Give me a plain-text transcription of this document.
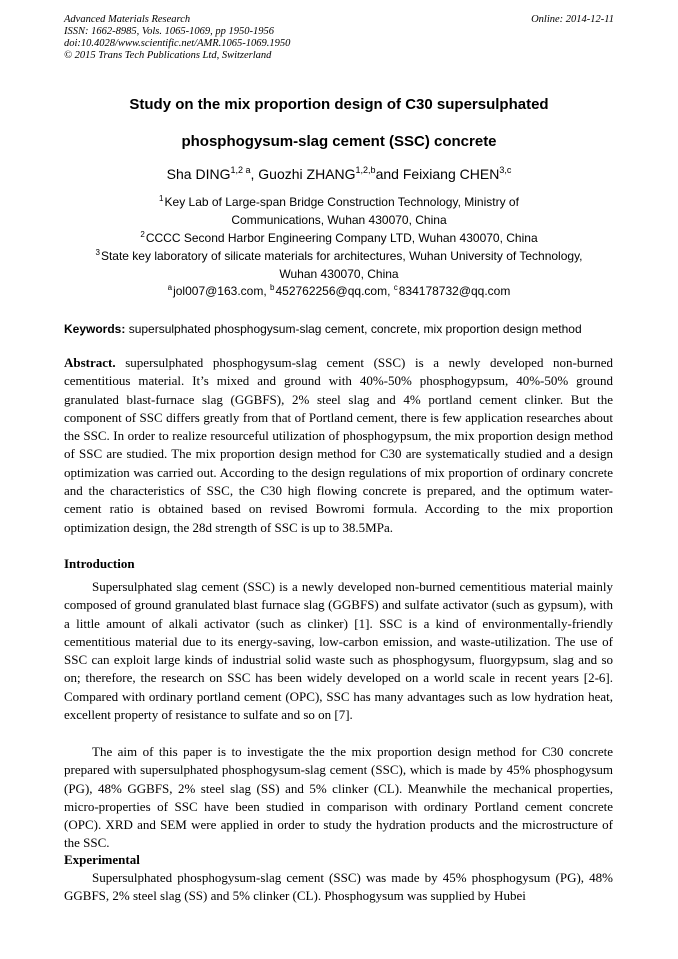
Advanced Materials Research
ISSN: 1662-8985, Vols. 1065-1069, pp 1950-1956
doi:10.4028/www.scientific.net/AMR.1065-1069.1950
© 2015 Trans Tech Publications Ltd, Switzerland
Online: 2014-12-11
Study on the mix proportion design of C30 supersulphated
phosphogysum-slag cement (SSC) concrete
Sha $DING^{1,2 a}$, Guozhi ZHANG$^{1,2,b}$and Feixiang CHEN$^{3,c}$
$^1$ Key Lab of Large-span Bridge Construction Technology, Ministry of
Communications, Wuhan 430070, China
$^2$ CCCC Second Harbor Engineering Company LTD, Wuhan 430070, China
$^3$ State key laboratory of silicate materials for architectures, Wuhan University of Technology,
Wuhan 430070, China
$^a$ jol007@163.com, $^b$ 452762256@qq.com, $^c$ 834178732@qq.com
Keywords: supersulphated phosphogysum-slag cement, concrete, mix proportion design method
Abstract. supersulphated phosphogysum-slag cement (SSC) is a newly developed non-burned cementitious material. It’s mixed and ground with 40%-50% phosphogypsum, 40%-50% ground granulated blast-furnace slag (GGBFS), 2% steel slag and 4% portland cement clinker. But the component of SSC differs greatly from that of Portland cement, there is few application researches about the SSC. In order to realize resourceful utilization of phosphogypsum, the mix proportion design method of SSC are studied. The mix proportion design method for C30 are systematically studied and a design optimization was carried out. According to the design regulations of mix proportion of ordinary concrete and the characteristics of SSC, the C30 high flowing concrete is prepared, and the optimum water-cement ratio is obtained based on revised Bowromi formula. According to the mix proportion optimization design, the 28d strength of SSC is up to 38.5MPa.
Introduction
Supersulphated slag cement (SSC) is a newly developed non-burned cementitious material mainly composed of ground granulated blast furnace slag (GGBFS) and sulfate activator (such as gypsum), with a little amount of alkali activator (such as clinker) [1]. SSC is a kind of environmentally-friendly cementitious material due to its energy-saving, low-carbon emission, and waste-utilization. The use of SSC can exploit large kinds of industrial solid waste such as phosphogysum, fluorgypsum, slag and so on; therefore, the research on SSC has been widely developed on a world scale in recent years [2-6]. Compared with ordinary portland cement (OPC), SSC has many advantages such as low hydration heat, excellent property of resistance to sulfate and so on [7].
The aim of this paper is to investigate the the mix proportion design method for C30 concrete prepared with supersulphated phosphogysum-slag cement (SSC), which is made by 45% phosphogysum (PG), 48% GGBFS, 2% steel slag (SS) and 5% clinker (CL). Meanwhile the mechanical properties, micro-properties of SSC have been studied in comparison with ordinary Portland cement concrete (OPC). XRD and SEM were applied in order to study the hydration products and the microstructure of the SSC.
Experimental
Supersulphated phosphogysum-slag cement (SSC) was made by 45% phosphogysum (PG), 48% GGBFS, 2% steel slag (SS) and 5% clinker (CL). Phosphogysum was supplied by Hubei
